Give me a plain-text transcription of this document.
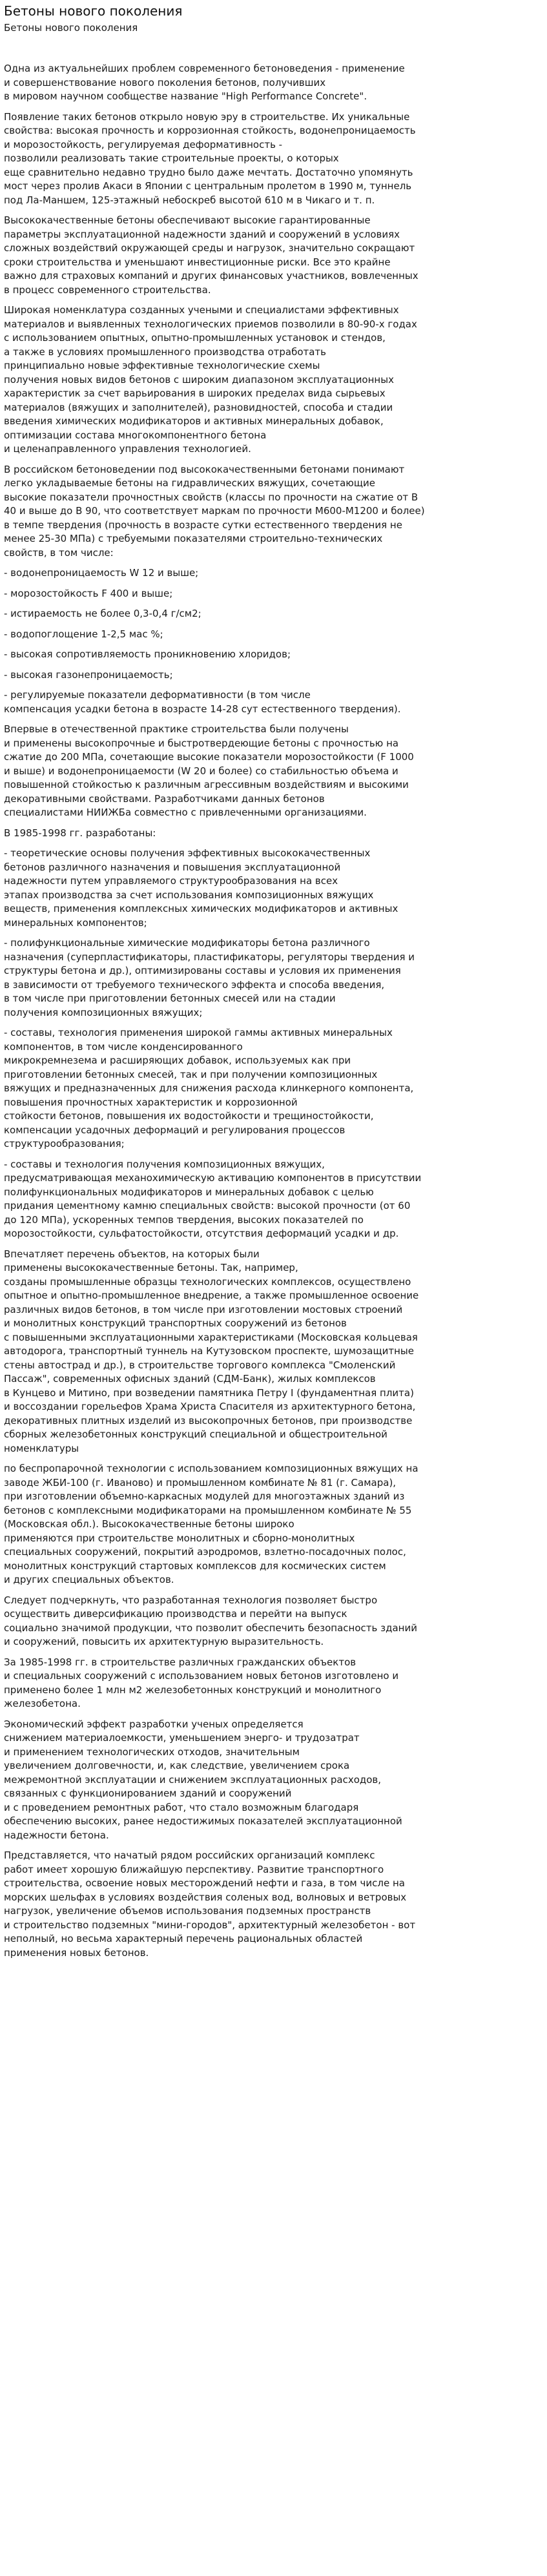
Бетоны нового поколения
Бетоны нового поколения
Одна из актуальнейших проблем современного бетоноведения - применение
и совершенствование нового поколения бетонов, получивших
в мировом научном сообществе название "High Performance Concrete".
Появление таких бетонов открыло новую эру в строительстве. Их уникальные
свойства: высокая прочность и коррозионная стойкость, водонепроницаемость
и морозостойкость, регулируемая деформативность -
позволили реализовать такие строительные проекты, о которых
еще сравнительно недавно трудно было даже мечтать. Достаточно упомянуть
мост через пролив Акаси в Японии с центральным пролетом в 1990 м, туннель
под Ла-Маншем, 125-этажный небоскреб высотой 610 м в Чикаго и т. п.
Высококачественные бетоны обеспечивают высокие гарантированные
параметры эксплуатационной надежности зданий и сооружений в условиях
сложных воздействий окружающей среды и нагрузок, значительно сокращают
сроки строительства и уменьшают инвестиционные риски. Все это крайне
важно для страховых компаний и других финансовых участников, вовлеченных
в процесс современного строительства.
Широкая номенклатура созданных учеными и специалистами эффективных
материалов и выявленных технологических приемов позволили в 80-90-х годах
с использованием опытных, опытно-промышленных установок и стендов,
а также в условиях промышленного производства отработать
принципиально новые эффективные технологические схемы
получения новых видов бетонов с широким диапазоном эксплуатационных
характеристик за счет варьирования в широких пределах вида сырьевых
материалов (вяжущих и заполнителей), разновидностей, способа и стадии
введения химических модификаторов и активных минеральных добавок,
оптимизации состава многокомпонентного бетона
и целенаправленного управления технологией.
В российском бетоноведении под высококачественными бетонами понимают
легко укладываемые бетоны на гидравлических вяжущих, сочетающие
высокие показатели прочностных свойств (классы по прочности на сжатие от В
40 и выше до В 90, что соответствует маркам по прочности М600-М1200 и более)
в темпе твердения (прочность в возрасте сутки естественного твердения не
менее 25-30 МПа) с требуемыми показателями строительно-технических
свойств, в том числе:
- водонепроницаемость W 12 и выше;
- морозостойкость F 400 и выше;
- истираемость не более 0,3-0,4 г/см2;
- водопоглощение 1-2,5 мас %;
- высокая сопротивляемость проникновению хлоридов;
- высокая газонепроницаемость;
- регулируемые показатели деформативности (в том числе
компенсация усадки бетона в возрасте 14-28 сут естественного твердения).
Впервые в отечественной практике строительства были получены
и применены высокопрочные и быстротвердеющие бетоны с прочностью на
сжатие до 200 МПа, сочетающие высокие показатели морозостойкости (F 1000
и выше) и водонепроницаемости (W 20 и более) со стабильностью объема и
повышенной стойкостью к различным агрессивным воздействиям и высокими
декоративными свойствами. Разработчиками данных бетонов
специалистами НИИЖБа совместно с привлеченными организациями.
В 1985-1998 гг. разработаны:
- теоретические основы получения эффективных высококачественных
бетонов различного назначения и повышения эксплуатационной
надежности путем управляемого структурообразования на всех
этапах производства за счет использования композиционных вяжущих
веществ, применения комплексных химических модификаторов и активных
минеральных компонентов;
- полифункциональные химические модификаторы бетона различного
назначения (суперпластификаторы, пластификаторы, регуляторы твердения и
структуры бетона и др.), оптимизированы составы и условия их применения
в зависимости от требуемого технического эффекта и способа введения,
в том числе при приготовлении бетонных смесей или на стадии
получения композиционных вяжущих;
- составы, технология применения широкой гаммы активных минеральных
компонентов, в том числе конденсированного
микрокремнезема и расширяющих добавок, используемых как при
приготовлении бетонных смесей, так и при получении композиционных
вяжущих и предназначенных для снижения расхода клинкерного компонента,
повышения прочностных характеристик и коррозионной
стойкости бетонов, повышения их водостойкости и трещиностойкости,
компенсации усадочных деформаций и регулирования процессов
структурообразования;
- составы и технология получения композиционных вяжущих,
предусматривающая механохимическую активацию компонентов в присутствии
полифункциональных модификаторов и минеральных добавок с целью
придания цементному камню специальных свойств: высокой прочности (от 60
до 120 МПа), ускоренных темпов твердения, высоких показателей по
морозостойкости, сульфатостойкости, отсутствия деформаций усадки и др.
Впечатляет перечень объектов, на которых были
применены высококачественные бетоны. Так, например,
созданы промышленные образцы технологических комплексов, осуществлено
опытное и опытно-промышленное внедрение, а также промышленное освоение
различных видов бетонов, в том числе при изготовлении мостовых строений
и монолитных конструкций транспортных сооружений из бетонов
с повышенными эксплуатационными характеристиками (Московская кольцевая
автодорога, транспортный туннель на Кутузовском проспекте, шумозащитные
стены автострад и др.), в строительстве торгового комплекса "Смоленский
Пассаж", современных офисных зданий (СДМ-Банк), жилых комплексов
в Кунцево и Митино, при возведении памятника Петру I (фундаментная плита)
и воссоздании горельефов Храма Христа Спасителя из архитектурного бетона,
декоративных плитных изделий из высокопрочных бетонов, при производстве
сборных железобетонных конструкций специальной и общестроительной
номенклатуры
по беспропарочной технологии с использованием композиционных вяжущих на
заводе ЖБИ-100 (г. Иваново) и промышленном комбинате № 81 (г. Самара),
при изготовлении объемно-каркасных модулей для многоэтажных зданий из
бетонов с комплексными модификаторами на промышленном комбинате № 55
(Московская обл.). Высококачественные бетоны широко
применяются при строительстве монолитных и сборно-монолитных
специальных сооружений, покрытий аэродромов, взлетно-посадочных полос,
монолитных конструкций стартовых комплексов для космических систем
и других специальных объектов.
Следует подчеркнуть, что разработанная технология позволяет быстро
осуществить диверсификацию производства и перейти на выпуск
социально значимой продукции, что позволит обеспечить безопасность зданий
и сооружений, повысить их архитектурную выразительность.
За 1985-1998 гг. в строительстве различных гражданских объектов
и специальных сооружений с использованием новых бетонов изготовлено и
применено более 1 млн м2 железобетонных конструкций и монолитного
железобетона.
Экономический эффект разработки ученых определяется
снижением материалоемкости, уменьшением энерго- и трудозатрат
и применением технологических отходов, значительным
увеличением долговечности, и, как следствие, увеличением срока
межремонтной эксплуатации и снижением эксплуатационных расходов,
связанных с функционированием зданий и сооружений
и с проведением ремонтных работ, что стало возможным благодаря
обеспечению высоких, ранее недостижимых показателей эксплуатационной
надежности бетона.
Представляется, что начатый рядом российских организаций комплекс
работ имеет хорошую ближайшую перспективу. Развитие транспортного
строительства, освоение новых месторождений нефти и газа, в том числе на
морских шельфах в условиях воздействия соленых вод, волновых и ветровых
нагрузок, увеличение объемов использования подземных пространств
и строительство подземных "мини-городов", архитектурный железобетон - вот
неполный, но весьма характерный перечень рациональных областей
применения новых бетонов.
